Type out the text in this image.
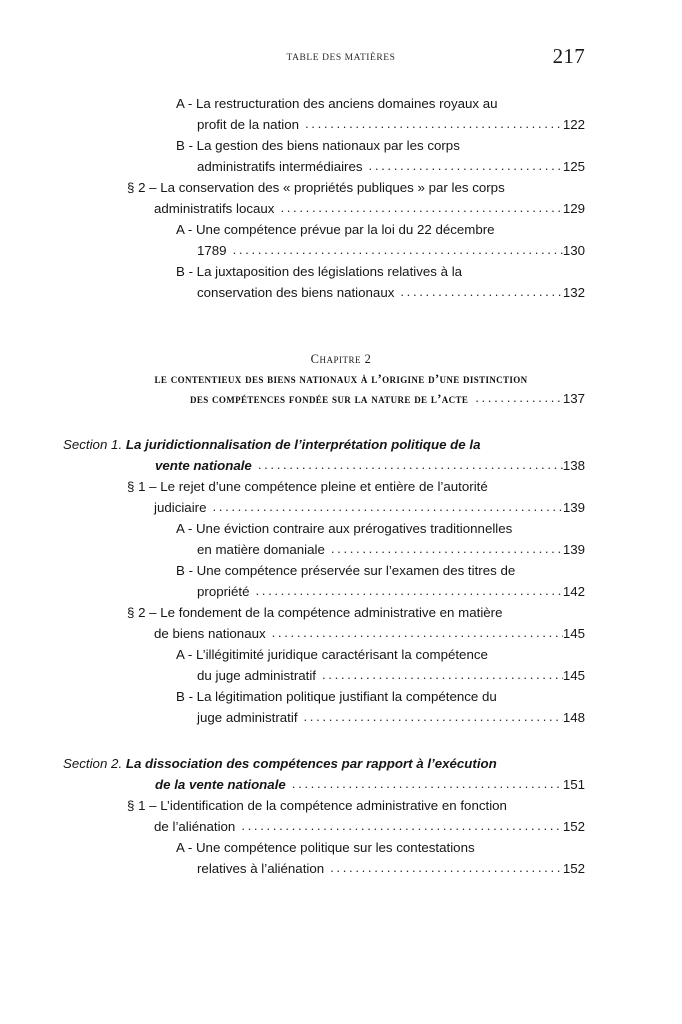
TABLE DES MATIÈRES	217
A - La restructuration des anciens domaines royaux au
profit de la nation .....	122
B - La gestion des biens nationaux par les corps
administratifs intermédiaires .....	125
§ 2 – La conservation des « propriétés publiques » par les corps
administratifs locaux .....	129
A - Une compétence prévue par la loi du 22 décembre
1789 .....	130
B - La juxtaposition des législations relatives à la
conservation des biens nationaux .....	132
Chapitre 2
le contentieux des biens nationaux à l’origine d’une distinction
des compétences fondée sur la nature de l’acte .....	137
Section 1. La juridictionnalisation de l’interprétation politique de la
vente nationale .....	138
§ 1 – Le rejet d’une compétence pleine et entière de l’autorité
judiciaire .....	139
A - Une éviction contraire aux prérogatives traditionnelles
en matière domaniale .....	139
B - Une compétence préservée sur l’examen des titres de
propriété .....	142
§ 2 – Le fondement de la compétence administrative en matière
de biens nationaux .....	145
A - L’illégitimité juridique caractérisant la compétence
du juge administratif .....	145
B - La légitimation politique justifiant la compétence du
juge administratif .....	148
Section 2. La dissociation des compétences par rapport à l’exécution
de la vente nationale .....	151
§ 1 – L’identification de la compétence administrative en fonction
de l’aliénation .....	152
A - Une compétence politique sur les contestations
relatives à l’aliénation .....	152
